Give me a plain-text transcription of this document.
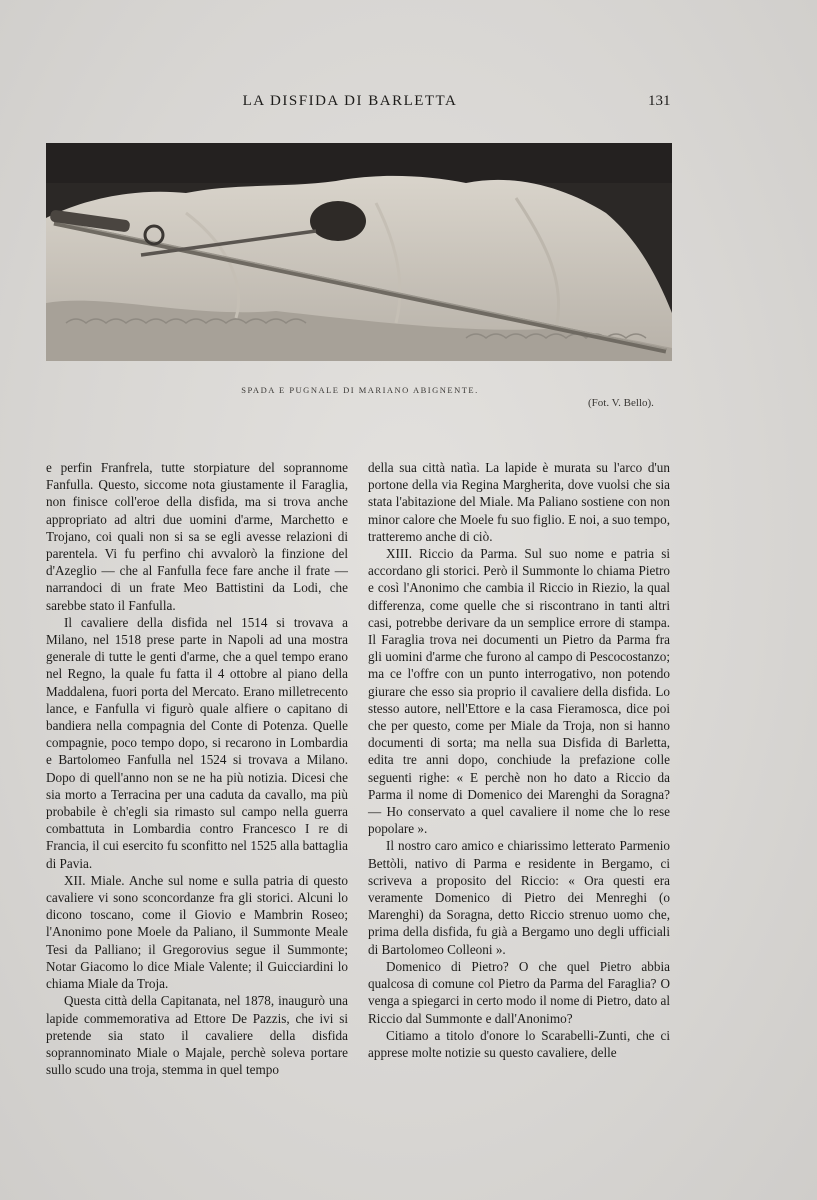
LA DISFIDA DI BARLETTA	131
SPADA E PUGNALE DI MARIANO ABIGNENTE.
(Fot. V. Bello).

e perfin Franfrela, tutte storpiature del soprannome Fanfulla. Questo, siccome nota giustamente il Faraglia, non finisce coll'eroe della disfida, ma si trova anche appropriato ad altri due uomini d'arme, Marchetto e Trojano, coi quali non si sa se egli avesse relazioni di parentela. Vi fu perfino chi avvalorò la finzione del d'Azeglio — che al Fanfulla fece fare anche il frate — narrandoci di un frate Meo Battistini da Lodi, che sarebbe stato il Fanfulla.

Il cavaliere della disfida nel 1514 si trovava a Milano, nel 1518 prese parte in Napoli ad una mostra generale di tutte le genti d'arme, che a quel tempo erano nel Regno, la quale fu fatta il 4 ottobre al piano della Maddalena, fuori porta del Mercato. Erano milletrecento lance, e Fanfulla vi figurò quale alfiere o capitano di bandiera nella compagnia del Conte di Potenza. Quelle compagnie, poco tempo dopo, si recarono in Lombardia e Bartolomeo Fanfulla nel 1524 si trovava a Milano. Dopo di quell'anno non se ne ha più notizia. Dicesi che sia morto a Terracina per una caduta da cavallo, ma più probabile è ch'egli sia rimasto sul campo nella guerra combattuta in Lombardia contro Francesco I re di Francia, il cui esercito fu sconfitto nel 1525 alla battaglia di Pavia.

XII. Miale. Anche sul nome e sulla patria di questo cavaliere vi sono sconcordanze fra gli storici. Alcuni lo dicono toscano, come il Giovio e Mambrin Roseo; l'Anonimo pone Moele da Paliano, il Summonte Meale Tesi da Palliano; il Gregorovius segue il Summonte; Notar Giacomo lo dice Miale Valente; il Guicciardini lo chiama Miale da Troja.

Questa città della Capitanata, nel 1878, inaugurò una lapide commemorativa ad Ettore De Pazzis, che ivi si pretende sia stato il cavaliere della disfida soprannominato Miale o Majale, perchè soleva portare sullo scudo una troja, stemma in quel tempo

della sua città natìa. La lapide è murata su l'arco d'un portone della via Regina Margherita, dove vuolsi che sia stata l'abitazione del Miale. Ma Paliano sostiene con non minor calore che Moele fu suo figlio. E noi, a suo tempo, tratteremo anche di ciò.

XIII. Riccio da Parma. Sul suo nome e patria si accordano gli storici. Però il Summonte lo chiama Pietro e così l'Anonimo che cambia il Riccio in Riezio, la qual differenza, come quelle che si riscontrano in tanti altri casi, potrebbe derivare da un semplice errore di stampa. Il Faraglia trova nei documenti un Pietro da Parma fra gli uomini d'arme che furono al campo di Pescocostanzo; ma ce l'offre con un punto interrogativo, non potendo giurare che esso sia proprio il cavaliere della disfida. Lo stesso autore, nell'Ettore e la casa Fieramosca, dice poi che per questo, come per Miale da Troja, non si hanno documenti di sorta; ma nella sua Disfida di Barletta, edita tre anni dopo, conchiude la prefazione colle seguenti righe: « E perchè non ho dato a Riccio da Parma il nome di Domenico dei Marenghi da Soragna? — Ho conservato a quel cavaliere il nome che lo rese popolare ».

Il nostro caro amico e chiarissimo letterato Parmenio Bettòli, nativo di Parma e residente in Bergamo, ci scriveva a proposito del Riccio: « Ora questi era veramente Domenico di Pietro dei Menreghi (o Marenghi) da Soragna, detto Riccio strenuo uomo che, prima della disfida, fu già a Bergamo uno degli ufficiali di Bartolomeo Colleoni ».

Domenico di Pietro? O che quel Pietro abbia qualcosa di comune col Pietro da Parma del Faraglia? O venga a spiegarci in certo modo il nome di Pietro, dato al Riccio dal Summonte e dall'Anonimo?

Citiamo a titolo d'onore lo Scarabelli-Zunti, che ci apprese molte notizie su questo cavaliere, delle
